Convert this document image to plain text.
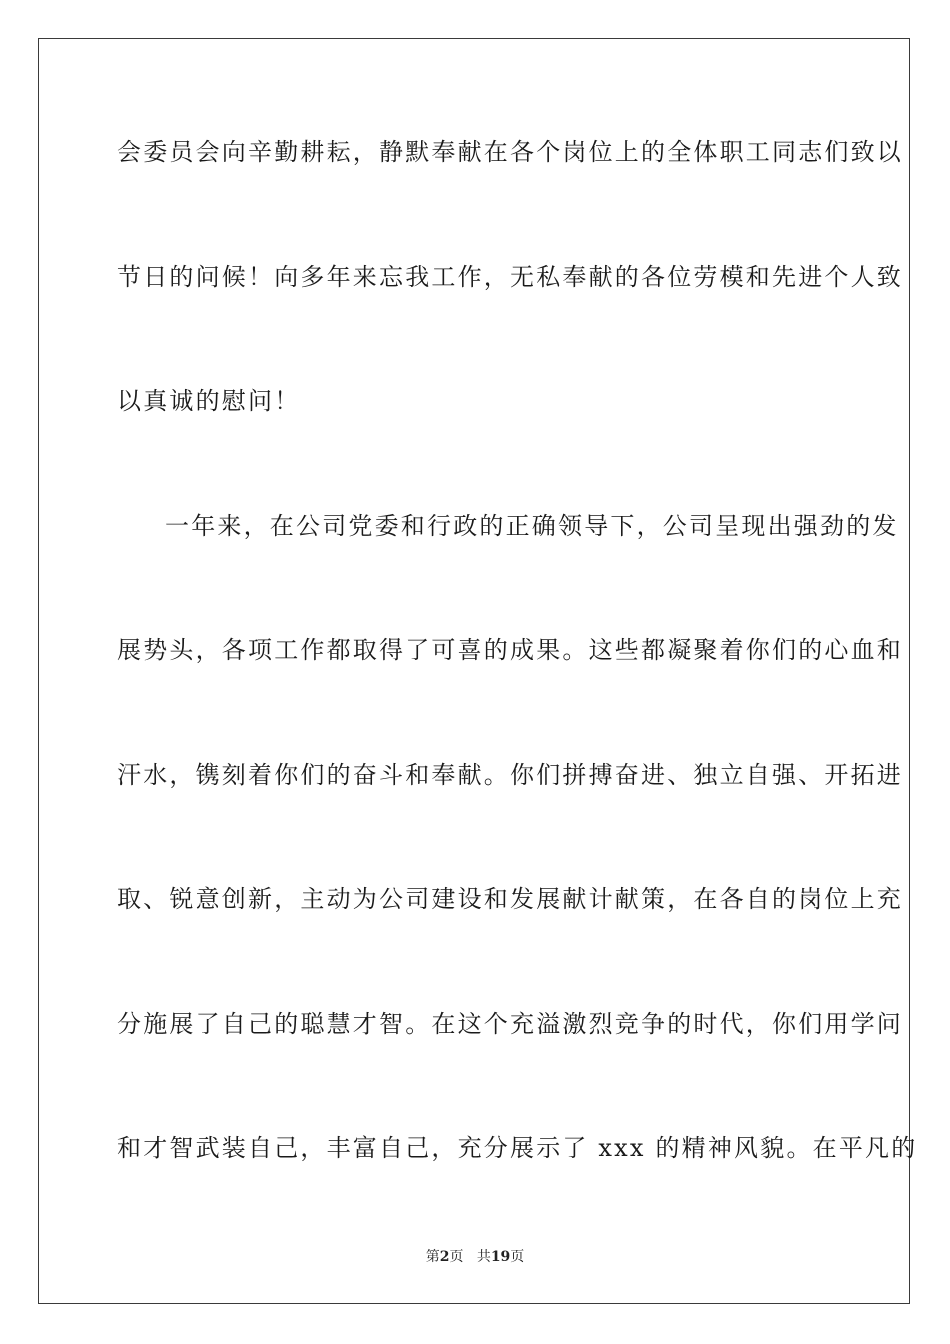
会委员会向辛勤耕耘，静默奉献在各个岗位上的全体职工同志们致以
节日的问候！向多年来忘我工作，无私奉献的各位劳模和先进个人致
以真诚的慰问！
一年来，在公司党委和行政的正确领导下，公司呈现出强劲的发
展势头，各项工作都取得了可喜的成果。这些都凝聚着你们的心血和
汗水，镌刻着你们的奋斗和奉献。你们拼搏奋进、独立自强、开拓进
取、锐意创新，主动为公司建设和发展献计献策，在各自的岗位上充
分施展了自己的聪慧才智。在这个充溢激烈竞争的时代，你们用学问
和才智武装自己，丰富自己，充分展示了 xxx 的精神风貌。在平凡的
第2页 共19页
